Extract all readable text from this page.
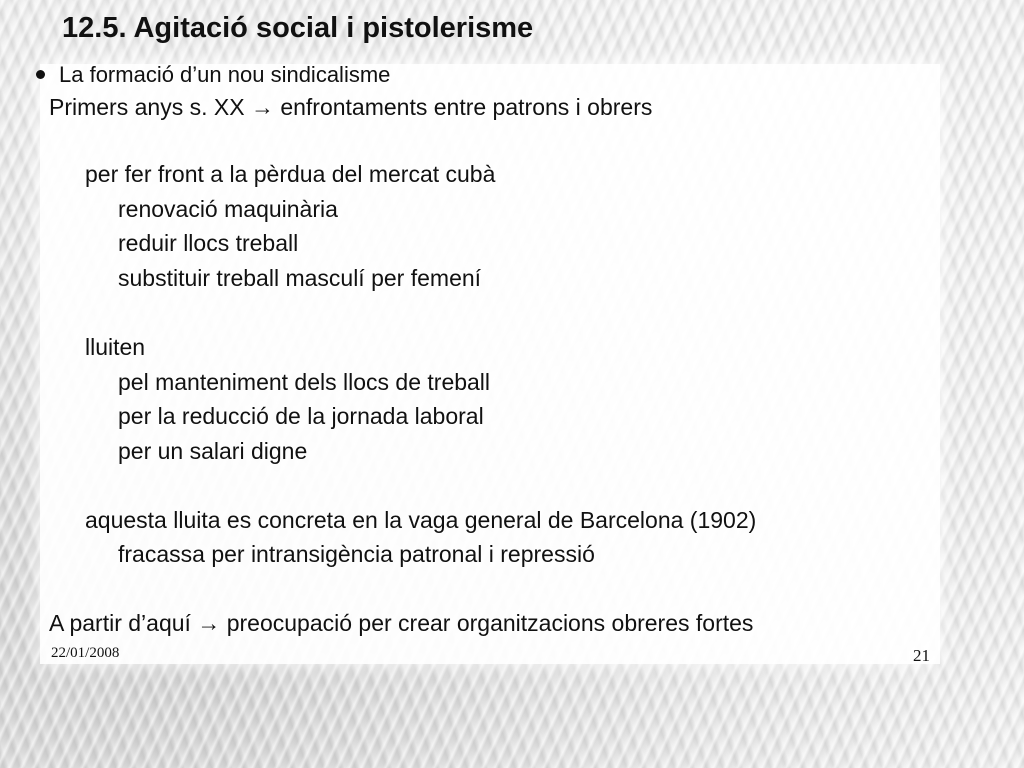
12.5. Agitació social i pistolerisme
La formació d’un nou sindicalisme
Primers anys s. XX → enfrontaments entre patrons i obrers
per fer front a la pèrdua del mercat cubà
renovació maquinària
reduir llocs treball
substituir treball masculí per femení
lluiten
pel manteniment dels llocs de treball
per la reducció de la jornada laboral
per un salari digne
aquesta lluita es concreta en la vaga general de Barcelona (1902)
fracassa per intransigència patronal i repressió
A partir d’aquí → preocupació per crear organitzacions obreres fortes
22/01/2008	21
